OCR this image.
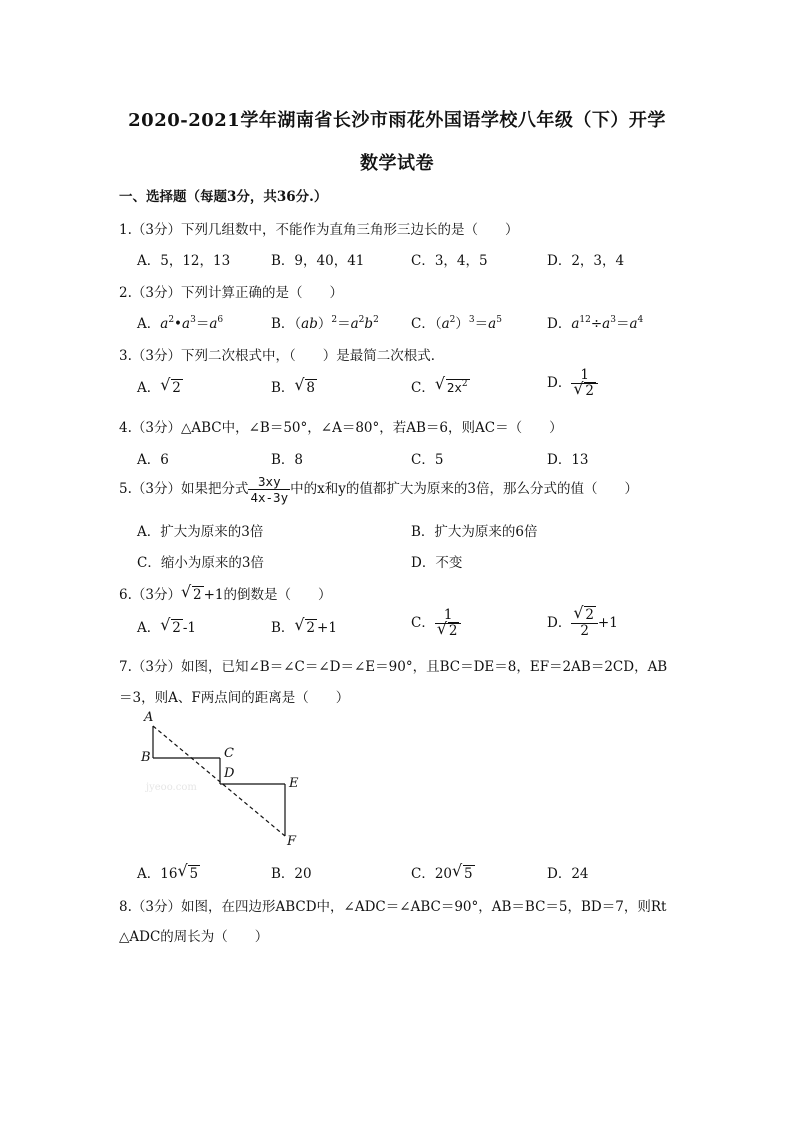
2020-2021学年湖南省长沙市雨花外国语学校八年级（下）开学
数学试卷
一、选择题（每题3分，共36分.）
1.（3分）下列几组数中，不能作为直角三角形三边长的是（　　）
A．5，12，13	B．9，40，41	C．3，4，5	D．2，3，4
2.（3分）下列计算正确的是（　　）
A．$a^2•a^3=a^6$	B．$(ab)^2=a^2b^2$ C．$(a^2)^3=a^5$	D．$a^{12}\div a^3=a^4$
3.（3分）下列二次根式中，（　　）是最简二次根式．
A． √ 2	B． √ 8	C． √ $2x^2$	D． $\frac{1}{√ 2}$
4.（3分）△ABC中，∠B＝50°，∠A＝80°，若AB＝6，则AC＝（　　）
A．6	B．8	C．5	D．13
5.（3分）如果把分式 $\frac{3xy}{4x-3y}$ 中的x和y的值都扩大为原来的3倍，那么分式的值（　　）
A．扩大为原来的3倍	B．扩大为原来的6倍
C．缩小为原来的3倍	D．不变
6.（3分） √ 2 +1的倒数是（　　）
A． √ 2 -1	B． √ 2 +1	C． $\frac{1}{√ 2}$	D． $\frac{√ 2}{2} +1$
7.（3分）如图，已知∠B＝∠C＝∠D＝∠E＝90°，且BC＝DE＝8，EF＝2AB＝2CD，AB
＝3，则A、F两点间的距离是（　　）
A
B	C
D
E
F
jyeoo.com
A．16 √ 5	B．20	C．20 √ 5	D．24
8.（3分）如图，在四边形ABCD中，∠ADC＝∠ABC＝90°，AB＝BC＝5，BD＝7，则Rt
△ADC的周长为（　　）
